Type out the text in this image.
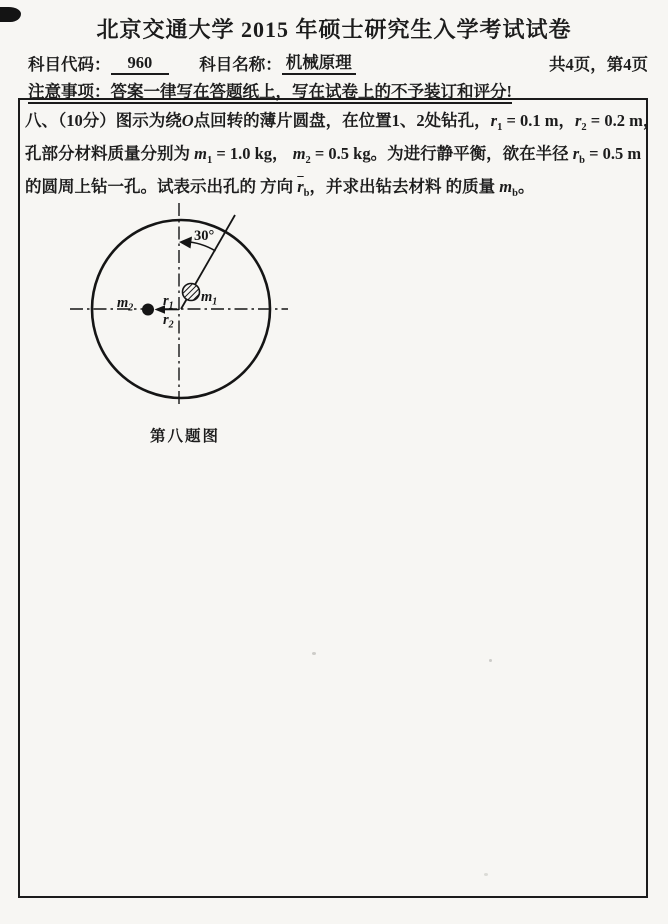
北京交通大学 2015 年硕士研究生入学考试试卷
科目代码：	960	科目名称： 机械原理	共4页，第4页
注意事项：答案一律写在答题纸上，写在试卷上的不予装订和评分!
八、（10分）图示为绕O点回转的薄片圆盘，在位置1、2处钻孔，$r_1 = 0.1$ m，$r_2 = 0.2$ m，
孔部分材料质量分别为 $m_1 = 1.0$ kg， $m_2 = 0.5$ kg。为进行静平衡，欲在半径 $r_b = 0.5$ m
的圆周上钻一孔。试表示出孔的 方向 $\overline{r}_b$，并求出钻去材料 的质量 $m_b$。
30°
$m_2$
$m_1$
$r_1$
$r_2$
第八题图
